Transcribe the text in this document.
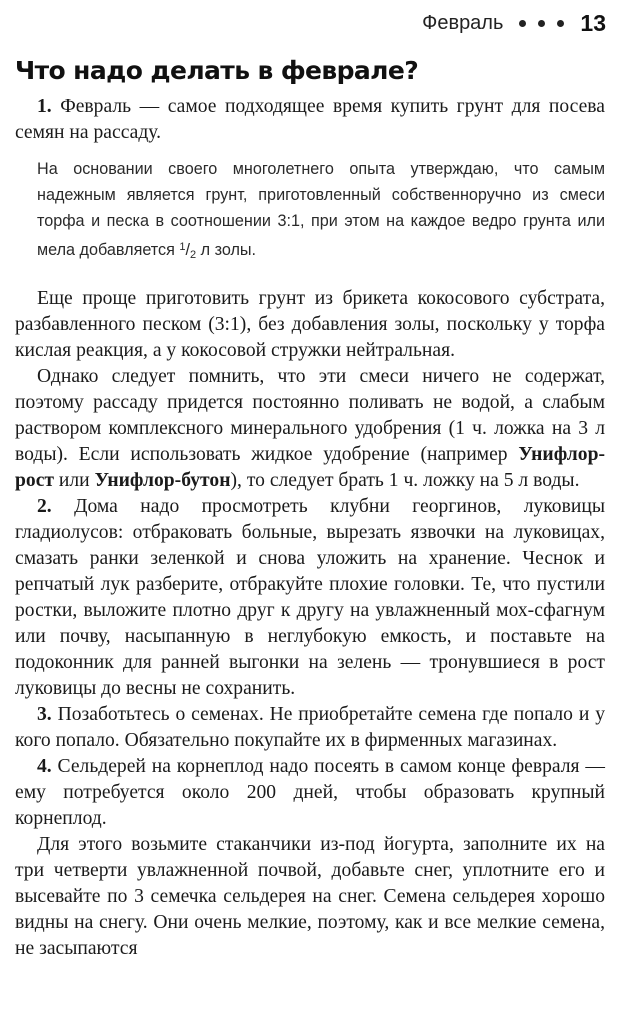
Февраль	13
Что надо делать в феврале?

1. Февраль — самое подходящее время купить грунт для посева семян на рассаду.

На основании своего многолетнего опыта утверждаю, что самым надежным является грунт, приготовленный собственноручно из смеси торфа и песка в соотношении 3:1, при этом на каждое ведро грунта или мела добавляется $^1$/2 л золы.

Еще проще приготовить грунт из брикета кокосового субстрата, разбавленного песком (3:1), без добавления золы, поскольку у торфа кислая реакция, а у кокосовой стружки нейтральная.

Однако следует помнить, что эти смеси ничего не содержат, поэтому рассаду придется постоянно поливать не водой, а слабым раствором комплексного минерального удобрения (1 ч. ложка на 3 л воды). Если использовать жидкое удобрение (например Унифлор-рост или Унифлор-бутон), то следует брать 1 ч. ложку на 5 л воды.

2. Дома надо просмотреть клубни георгинов, луковицы гладиолусов: отбраковать больные, вырезать язвочки на луковицах, смазать ранки зеленкой и снова уложить на хранение. Чеснок и репчатый лук разберите, отбракуйте плохие головки. Те, что пустили ростки, выложите плотно друг к другу на увлажненный мох-сфагнум или почву, насыпанную в неглубокую емкость, и поставьте на подоконник для ранней выгонки на зелень — тронувшиеся в рост луковицы до весны не сохранить.

3. Позаботьтесь о семенах. Не приобретайте семена где попало и у кого попало. Обязательно покупайте их в фирменных магазинах.

4. Сельдерей на корнеплод надо посеять в самом конце февраля — ему потребуется около 200 дней, чтобы образовать крупный корнеплод.

Для этого возьмите стаканчики из-под йогурта, заполните их на три четверти увлажненной почвой, добавьте снег, уплотните его и высевайте по 3 семечка сельдерея на снег. Семена сельдерея хорошо видны на снегу. Они очень мелкие, поэтому, как и все мелкие семена, не засыпаются
